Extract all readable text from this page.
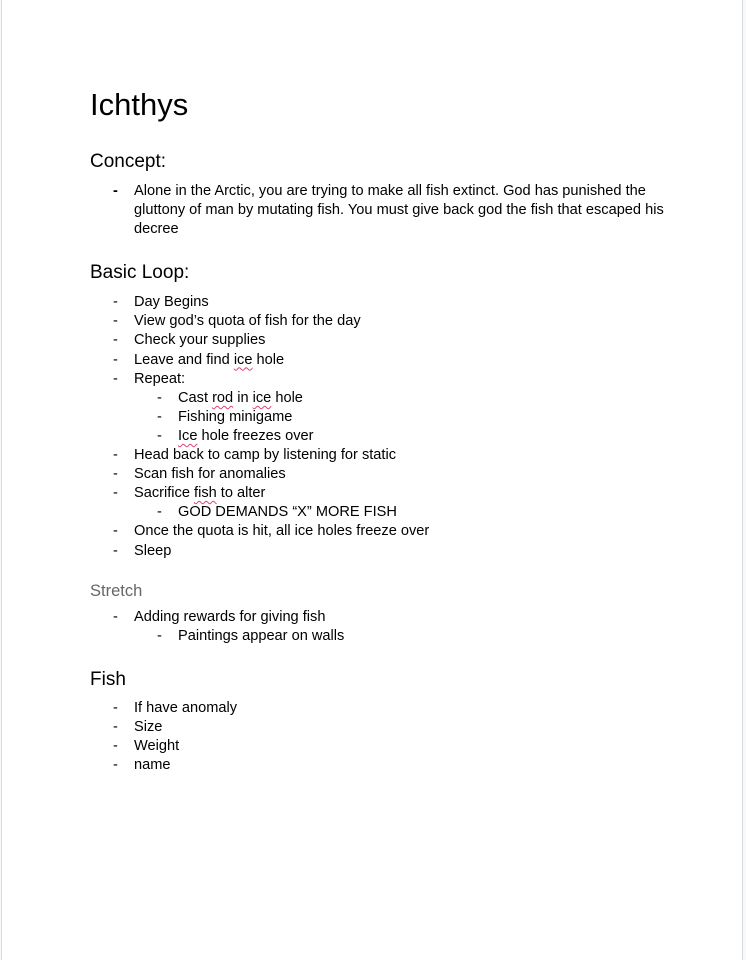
Ichthys
Concept:
- Alone in the Arctic, you are trying to make all fish extinct. God has punished the gluttony of man by mutating fish. You must give back god the fish that escaped his decree
Basic Loop:
- Day Begins
- View god’s quota of fish for the day
- Check your supplies
- Leave and find ice hole
- Repeat:
- Cast rod in ice hole
- Fishing minigame
- Ice hole freezes over
- Head back to camp by listening for static
- Scan fish for anomalies
- Sacrifice fish to alter
- GOD DEMANDS “X” MORE FISH
- Once the quota is hit, all ice holes freeze over
- Sleep
Stretch
- Adding rewards for giving fish
- Paintings appear on walls
Fish
- If have anomaly
- Size
- Weight
- name
